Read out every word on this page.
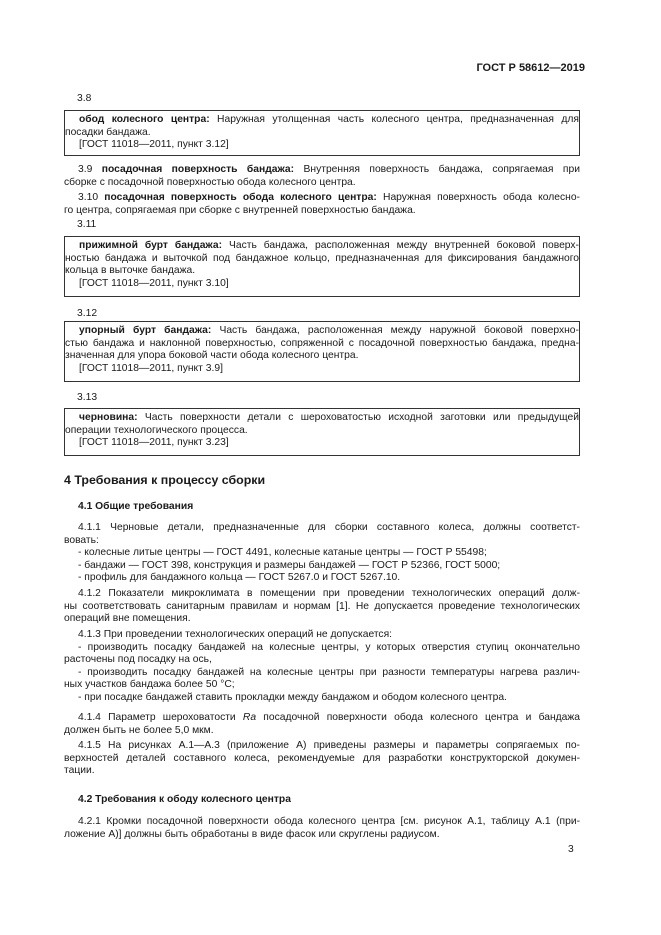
ГОСТ Р 58612—2019
3.8
обод колесного центра: Наружная утолщенная часть колесного центра, предназначенная для
посадки бандажа.
[ГОСТ 11018—2011, пункт 3.12]
3.9 посадочная поверхность бандажа: Внутренняя поверхность бандажа, сопрягаемая при
сборке с посадочной поверхностью обода колесного центра.
3.10 посадочная поверхность обода колесного центра: Наружная поверхность обода колесно-
го центра, сопрягаемая при сборке с внутренней поверхностью бандажа.
3.11
прижимной бурт бандажа: Часть бандажа, расположенная между внутренней боковой поверх-
ностью бандажа и выточкой под бандажное кольцо, предназначенная для фиксирования бандажного
кольца в выточке бандажа.
[ГОСТ 11018—2011, пункт 3.10]
3.12
упорный бурт бандажа: Часть бандажа, расположенная между наружной боковой поверхно-
стью бандажа и наклонной поверхностью, сопряженной с посадочной поверхностью бандажа, предна-
значенная для упора боковой части обода колесного центра.
[ГОСТ 11018—2011, пункт 3.9]
3.13
черновина: Часть поверхности детали с шероховатостью исходной заготовки или предыдущей
операции технологического процесса.
[ГОСТ 11018—2011, пункт 3.23]
4 Требования к процессу сборки
4.1 Общие требования
4.1.1 Черновые детали, предназначенные для сборки составного колеса, должны соответст-
вовать:
- колесные литые центры — ГОСТ 4491, колесные катаные центры — ГОСТ Р 55498;
- бандажи — ГОСТ 398, конструкция и размеры бандажей — ГОСТ Р 52366, ГОСТ 5000;
- профиль для бандажного кольца — ГОСТ 5267.0 и ГОСТ 5267.10.
4.1.2 Показатели микроклимата в помещении при проведении технологических операций долж-
ны соответствовать санитарным правилам и нормам [1]. Не допускается проведение технологических
операций вне помещения.
4.1.3 При проведении технологических операций не допускается:
- производить посадку бандажей на колесные центры, у которых отверстия ступиц окончательно
расточены под посадку на ось,
- производить посадку бандажей на колесные центры при разности температуры нагрева различ-
ных участков бандажа более 50 °С;
- при посадке бандажей ставить прокладки между бандажом и ободом колесного центра.
4.1.4 Параметр шероховатости Ra посадочной поверхности обода колесного центра и бандажа
должен быть не более 5,0 мкм.
4.1.5 На рисунках А.1—А.3 (приложение А) приведены размеры и параметры сопрягаемых по-
верхностей деталей составного колеса, рекомендуемые для разработки конструкторской докумен-
тации.
4.2 Требования к ободу колесного центра
4.2.1 Кромки посадочной поверхности обода колесного центра [см. рисунок А.1, таблицу А.1 (при-
ложение А)] должны быть обработаны в виде фасок или скруглены радиусом.
3
